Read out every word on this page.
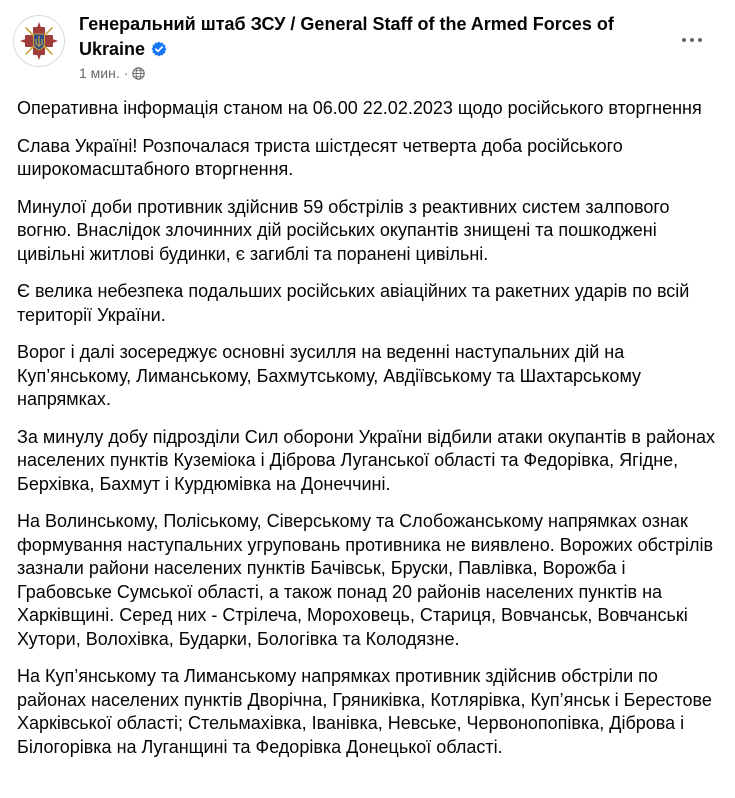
Генеральний штаб ЗСУ / General Staff of the Armed Forces of Ukraine
1 мин. ·

Оперативна інформація станом на 06.00 22.02.2023 щодо російського вторгнення

Слава Україні! Розпочалася триста шістдесят четверта доба російського широкомасштабного вторгнення.

Минулої доби противник здійснив 59 обстрілів з реактивних систем залпового вогню. Внаслідок злочинних дій російських окупантів знищені та пошкоджені цивільні житлові будинки, є загиблі та поранені цивільні.

Є велика небезпека подальших російських авіаційних та ракетних ударів по всій території України.

Ворог і далі зосереджує основні зусилля на веденні наступальних дій на Куп’янському, Лиманському, Бахмутському, Авдіївському та Шахтарському напрямках.

За минулу добу підрозділи Сил оборони України відбили атаки окупантів в районах населених пунктів Куземіока і Діброва Луганської області та Федорівка, Ягідне, Берхівка, Бахмут і Курдюмівка на Донеччині.

На Волинському, Поліському, Сіверському та Слобожанському напрямках ознак формування наступальних угруповань противника не виявлено. Ворожих обстрілів зазнали райони населених пунктів Бачівськ, Бруски, Павлівка, Ворожба і Грабовське Сумської області, а також понад 20 районів населених пунктів на Харківщині. Серед них - Стрілеча, Мороховець, Стариця, Вовчанськ, Вовчанські Хутори, Волохівка, Бударки, Бологівка та Колодязне.

На Куп’янському та Лиманському напрямках противник здійснив обстріли по районах населених пунктів Дворічна, Гряниківка, Котлярівка, Куп’янськ і Берестове Харківської області; Стельмахівка, Іванівка, Невське, Червонопопівка, Діброва і Білогорівка на Луганщині та Федорівка Донецької області.
